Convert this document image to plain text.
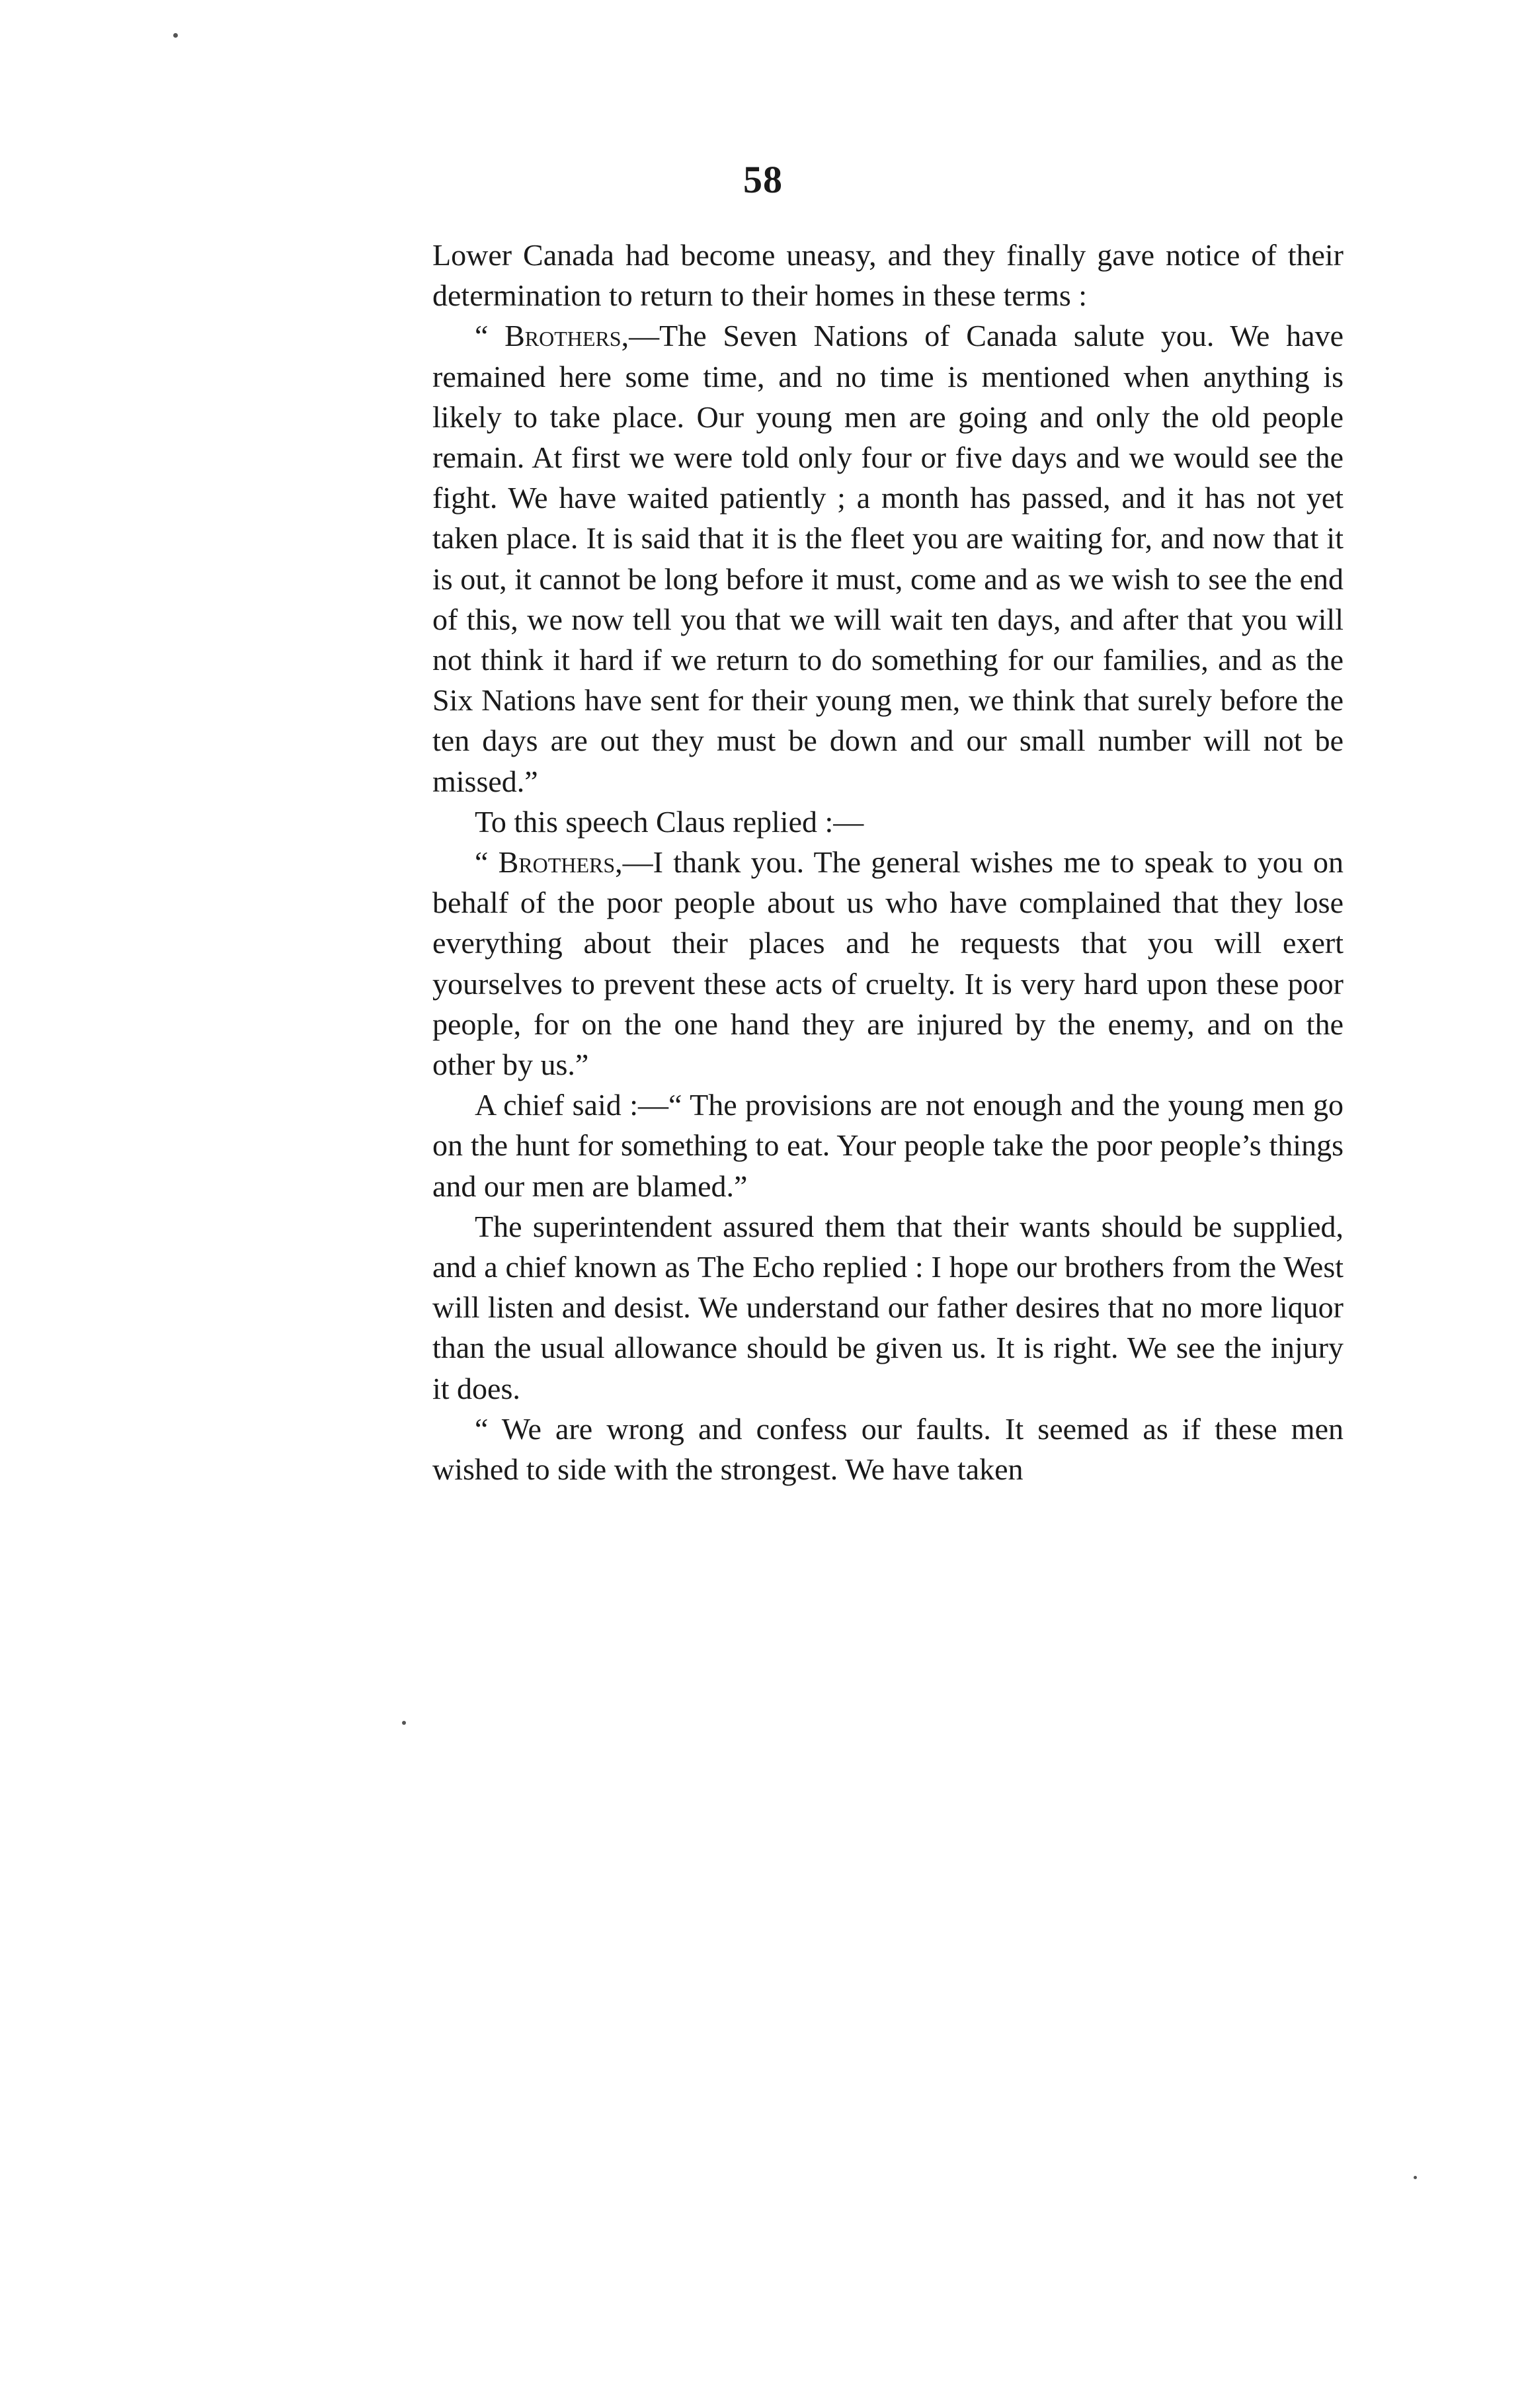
58

Lower Canada had become uneasy, and they finally gave notice of their determination to return to their homes in these terms :

“ Brothers,—The Seven Nations of Canada salute you. We have remained here some time, and no time is mentioned when anything is likely to take place. Our young men are going and only the old people remain. At first we were told only four or five days and we would see the fight. We have waited patiently ; a month has passed, and it has not yet taken place. It is said that it is the fleet you are waiting for, and now that it is out, it cannot be long before it must, come and as we wish to see the end of this, we now tell you that we will wait ten days, and after that you will not think it hard if we return to do something for our families, and as the Six Nations have sent for their young men, we think that surely before the ten days are out they must be down and our small number will not be missed.”

To this speech Claus replied :—

“ Brothers,—I thank you. The general wishes me to speak to you on behalf of the poor people about us who have complained that they lose everything about their places and he requests that you will exert yourselves to prevent these acts of cruelty. It is very hard upon these poor people, for on the one hand they are injured by the enemy, and on the other by us.”

A chief said :—“ The provisions are not enough and the young men go on the hunt for something to eat. Your people take the poor people’s things and our men are blamed.”

The superintendent assured them that their wants should be supplied, and a chief known as The Echo replied : I hope our brothers from the West will listen and desist. We understand our father desires that no more liquor than the usual allowance should be given us. It is right. We see the injury it does.

“ We are wrong and confess our faults. It seemed as if these men wished to side with the strongest. We have taken
